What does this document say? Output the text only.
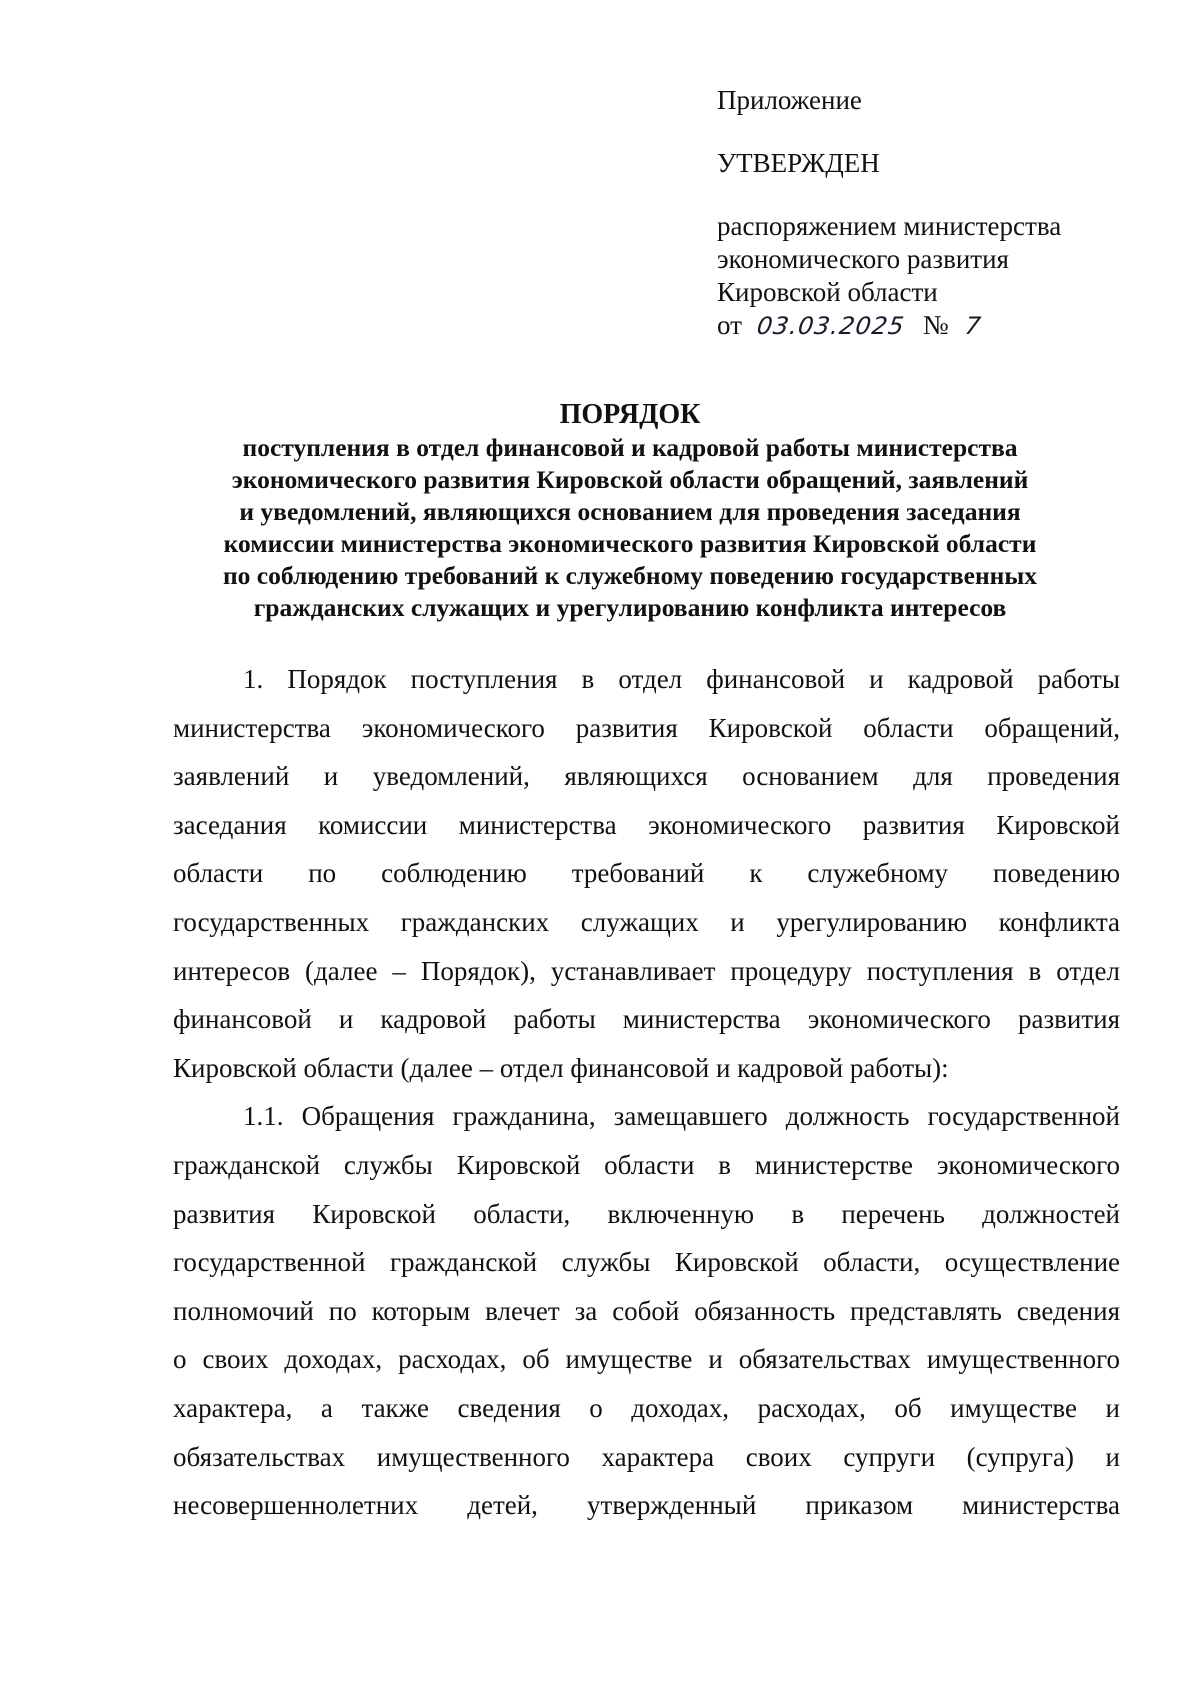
Приложение
УТВЕРЖДЕН
распоряжением министерства
экономического развития
Кировской области
от 03.03.2025 № 7
ПОРЯДОК
поступления в отдел финансовой и кадровой работы министерства
экономического развития Кировской области обращений, заявлений
и уведомлений, являющихся основанием для проведения заседания
комиссии министерства экономического развития Кировской области
по соблюдению требований к служебному поведению государственных
гражданских служащих и урегулированию конфликта интересов
1. Порядок поступления в отдел финансовой и кадровой работы
министерства экономического развития Кировской области обращений,
заявлений и уведомлений, являющихся основанием для проведения
заседания комиссии министерства экономического развития Кировской
области по соблюдению требований к служебному поведению
государственных гражданских служащих и урегулированию конфликта
интересов (далее – Порядок), устанавливает процедуру поступления в отдел
финансовой и кадровой работы министерства экономического развития
Кировской области (далее – отдел финансовой и кадровой работы):
1.1. Обращения гражданина, замещавшего должность государственной
гражданской службы Кировской области в министерстве экономического
развития Кировской области, включенную в перечень должностей
государственной гражданской службы Кировской области, осуществление
полномочий по которым влечет за собой обязанность представлять сведения
о своих доходах, расходах, об имуществе и обязательствах имущественного
характера, а также сведения о доходах, расходах, об имуществе и
обязательствах имущественного характера своих супруги (супруга) и
несовершеннолетних детей, утвержденный приказом министерства
